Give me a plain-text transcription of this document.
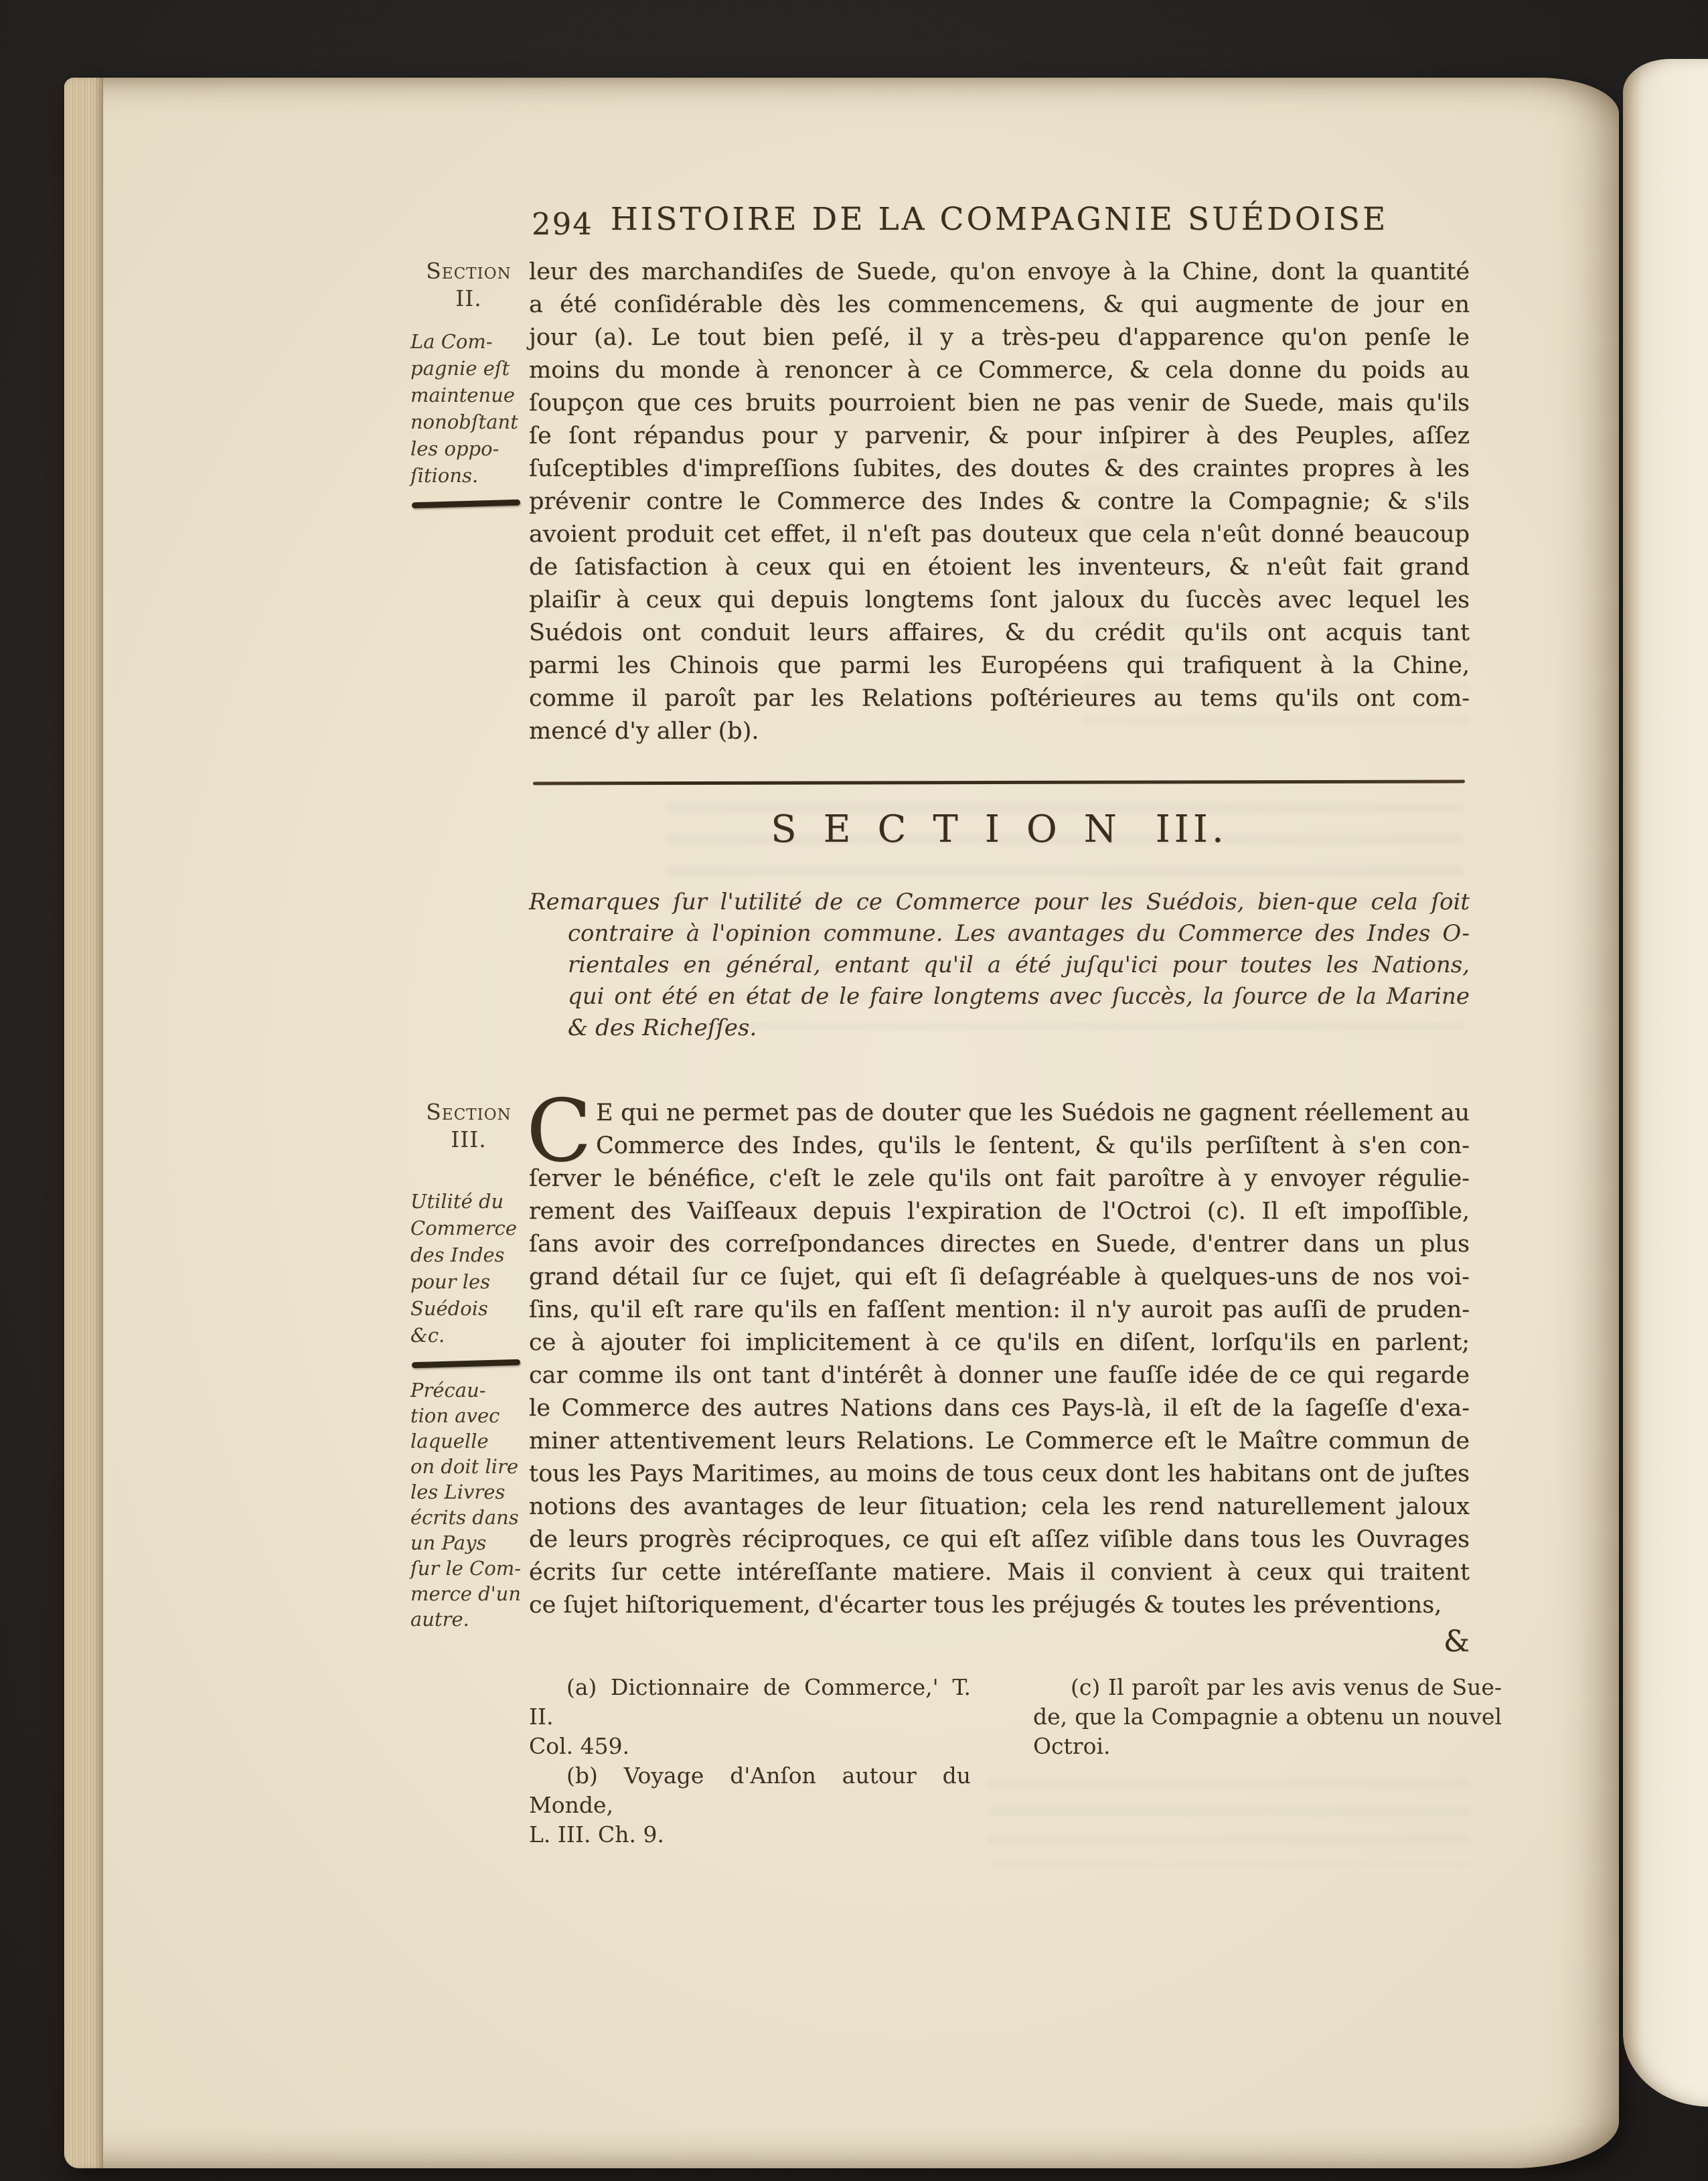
294 HISTOIRE DE LA COMPAGNIE SUÉDOISE
Section
II.
La Com-
pagnie eſt
maintenue
nonobſtant
les oppo-
ſitions.
leur des marchandiſes de Suede, qu'on envoye à la Chine, dont la quantité
a été conſidérable dès les commencemens, & qui augmente de jour en
jour (a). Le tout bien peſé, il y a très-peu d'apparence qu'on penſe le
moins du monde à renoncer à ce Commerce, & cela donne du poids au
ſoupçon que ces bruits pourroient bien ne pas venir de Suede, mais qu'ils
ſe ſont répandus pour y parvenir, & pour inſpirer à des Peuples, aſſez
ſuſceptibles d'impreſſions ſubites, des doutes & des craintes propres à les
prévenir contre le Commerce des Indes & contre la Compagnie; & s'ils
avoient produit cet effet, il n'eſt pas douteux que cela n'eût donné beaucoup
de ſatisfaction à ceux qui en étoient les inventeurs, & n'eût fait grand
plaiſir à ceux qui depuis longtems ſont jaloux du ſuccès avec lequel les
Suédois ont conduit leurs affaires, & du crédit qu'ils ont acquis tant
parmi les Chinois que parmi les Européens qui trafiquent à la Chine,
comme il paroît par les Relations poſtérieures au tems qu'ils ont com-
mencé d'y aller (b).
SECTION III.
Remarques ſur l'utilité de ce Commerce pour les Suédois, bien-que cela ſoit
contraire à l'opinion commune. Les avantages du Commerce des Indes O-
rientales en général, entant qu'il a été juſqu'ici pour toutes les Nations,
qui ont été en état de le faire longtems avec ſuccès, la ſource de la Marine
& des Richeſſes.
Section
III.
Utilité du
Commerce
des Indes
pour les
Suédois
&c.
Précau-
tion avec
laquelle
on doit lire
les Livres
écrits dans
un Pays
ſur le Com-
merce d'un
autre.
C E qui ne permet pas de douter que les Suédois ne gagnent réellement au
Commerce des Indes, qu'ils le ſentent, & qu'ils perſiſtent à s'en con-
ſerver le bénéfice, c'eſt le zele qu'ils ont fait paroître à y envoyer régulie-
rement des Vaiſſeaux depuis l'expiration de l'Octroi (c). Il eſt impoſſible,
ſans avoir des correſpondances directes en Suede, d'entrer dans un plus
grand détail ſur ce ſujet, qui eſt ſi deſagréable à quelques-uns de nos voi-
ſins, qu'il eſt rare qu'ils en faſſent mention: il n'y auroit pas auſſi de pruden-
ce à ajouter foi implicitement à ce qu'ils en diſent, lorſqu'ils en parlent;
car comme ils ont tant d'intérêt à donner une fauſſe idée de ce qui regarde
le Commerce des autres Nations dans ces Pays-là, il eſt de la ſageſſe d'exa-
miner attentivement leurs Relations. Le Commerce eſt le Maître commun de
tous les Pays Maritimes, au moins de tous ceux dont les habitans ont de juſtes
notions des avantages de leur ſituation; cela les rend naturellement jaloux
de leurs progrès réciproques, ce qui eſt aſſez viſible dans tous les Ouvrages
écrits ſur cette intéreſſante matiere. Mais il convient à ceux qui traitent
ce ſujet hiſtoriquement, d'écarter tous les préjugés & toutes les préventions,
&
(a) Dictionnaire de Commerce,' T. II.
Col. 459.
(b) Voyage d'Anſon autour du Monde,
L. III. Ch. 9.
(c) Il paroît par les avis venus de Sue-
de, que la Compagnie a obtenu un nouvel
Octroi.
